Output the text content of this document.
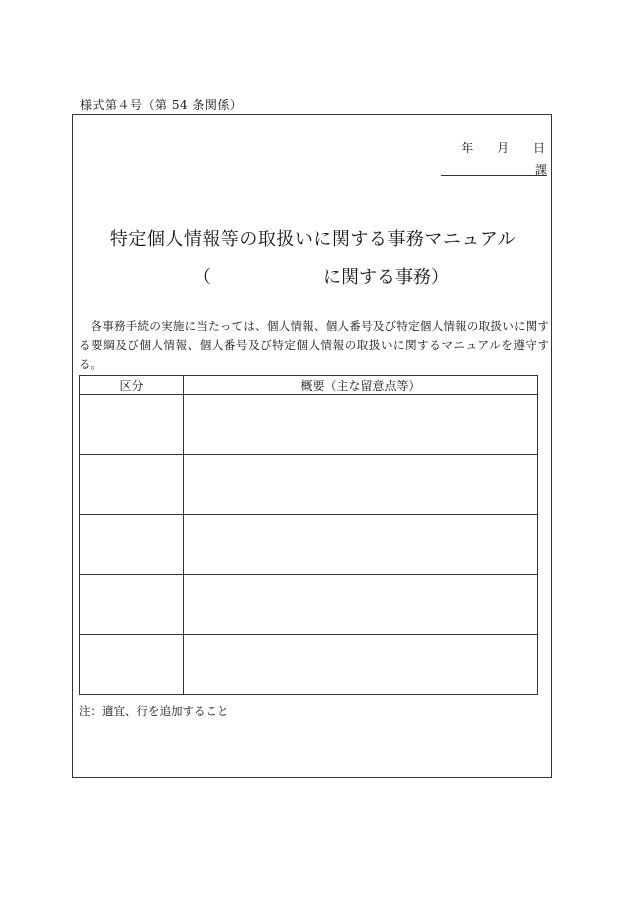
様式第４号（第 54 条関係）
年 月 日
課
特定個人情報等の取扱いに関する事務マニュアル
（	に関する事務）
各事務手続の実施に当たっては、個人情報、個人番号及び特定個人情報の取扱いに関する要綱及び個人情報、個人番号及び特定個人情報の取扱いに関するマニュアルを遵守する。
区分	概要（主な留意点等）

注：適宜、行を追加すること
